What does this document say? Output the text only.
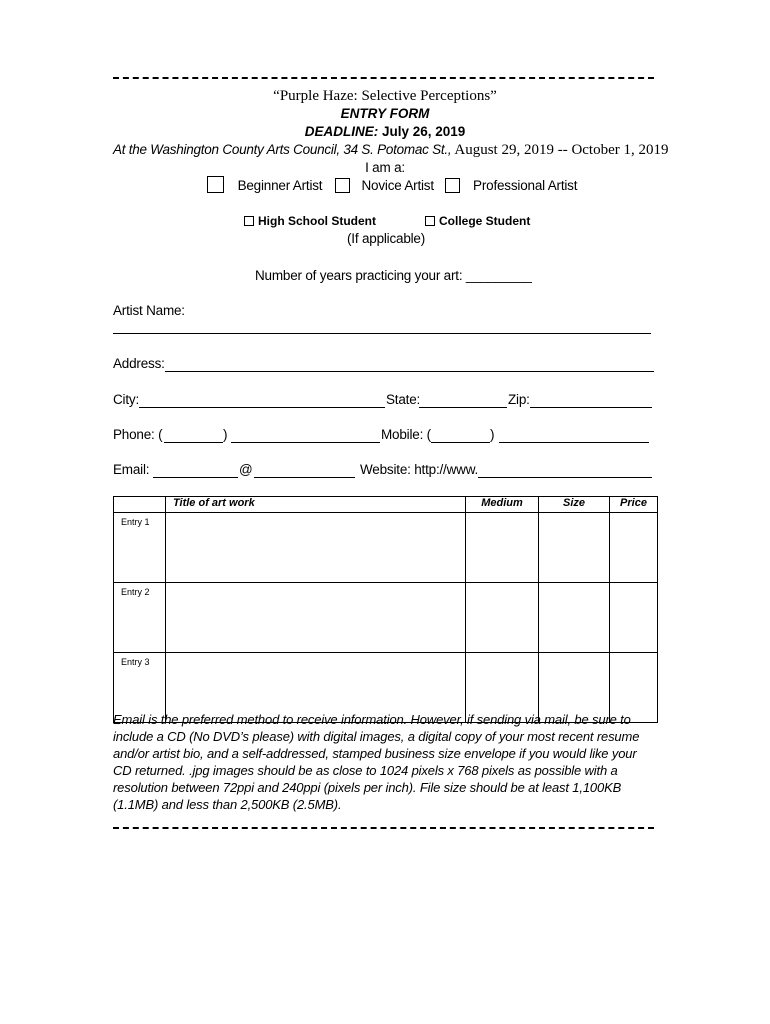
“Purple Haze: Selective Perceptions”
ENTRY FORM
DEADLINE: July 26, 2019
At the Washington County Arts Council, 34 S. Potomac St., August 29, 2019 -- October 1, 2019
I am a:
Beginner Artist	Novice Artist	Professional Artist
High School Student	College Student
(If applicable)
Number of years practicing your art: _________
Artist Name:
Address:
City:	State:	Zip:
Phone: (	)	Mobile: (	)
Email:	@	Website: http://www.
	Title of art work	Medium	Size	Price
Entry 1				
Entry 2				
Entry 3				
Email is the preferred method to receive information. However, if sending via mail, be sure to include a CD (No DVD’s please) with digital images, a digital copy of your most recent resume and/or artist bio, and a self-addressed, stamped business size envelope if you would like your CD returned. .jpg images should be as close to 1024 pixels x 768 pixels as possible with a resolution between 72ppi and 240ppi (pixels per inch). File size should be at least 1,100KB (1.1MB) and less than 2,500KB (2.5MB).
